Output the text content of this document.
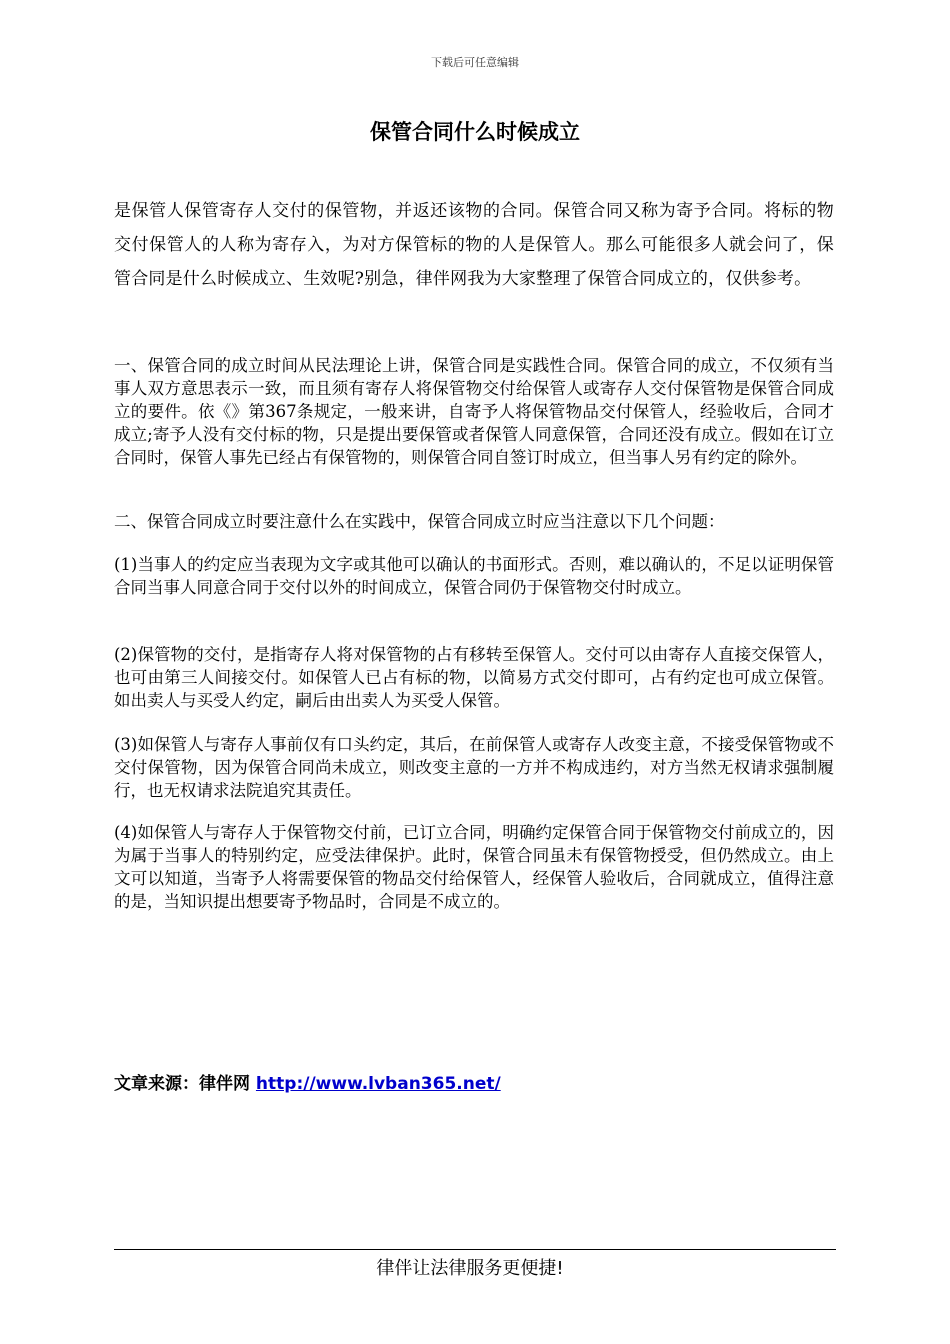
下载后可任意编辑
保管合同什么时候成立
是保管人保管寄存人交付的保管物，并返还该物的合同。保管合同又称为寄予合同。将标的物交付保管人的人称为寄存入，为对方保管标的物的人是保管人。那么可能很多人就会问了，保管合同是什么时候成立、生效呢?别急，律伴网我为大家整理了保管合同成立的，仅供参考。
一、保管合同的成立时间从民法理论上讲，保管合同是实践性合同。保管合同的成立，不仅须有当事人双方意思表示一致，而且须有寄存人将保管物交付给保管人或寄存人交付保管物是保管合同成立的要件。依《》第367条规定，一般来讲，自寄予人将保管物品交付保管人，经验收后，合同才成立;寄予人没有交付标的物，只是提出要保管或者保管人同意保管，合同还没有成立。假如在订立合同时，保管人事先已经占有保管物的，则保管合同自签订时成立，但当事人另有约定的除外。
二、保管合同成立时要注意什么在实践中，保管合同成立时应当注意以下几个问题：
(1)当事人的约定应当表现为文字或其他可以确认的书面形式。否则，难以确认的，不足以证明保管合同当事人同意合同于交付以外的时间成立，保管合同仍于保管物交付时成立。
(2)保管物的交付，是指寄存人将对保管物的占有移转至保管人。交付可以由寄存人直接交保管人，也可由第三人间接交付。如保管人已占有标的物，以简易方式交付即可，占有约定也可成立保管。如出卖人与买受人约定，嗣后由出卖人为买受人保管。
(3)如保管人与寄存人事前仅有口头约定，其后，在前保管人或寄存人改变主意，不接受保管物或不交付保管物，因为保管合同尚未成立，则改变主意的一方并不构成违约，对方当然无权请求强制履行，也无权请求法院追究其责任。
(4)如保管人与寄存人于保管物交付前，已订立合同，明确约定保管合同于保管物交付前成立的，因为属于当事人的特别约定，应受法律保护。此时，保管合同虽未有保管物授受，但仍然成立。由上文可以知道，当寄予人将需要保管的物品交付给保管人，经保管人验收后，合同就成立，值得注意的是，当知识提出想要寄予物品时，合同是不成立的。
文章来源：律伴网 http://www.lvban365.net/
律伴让法律服务更便捷!
